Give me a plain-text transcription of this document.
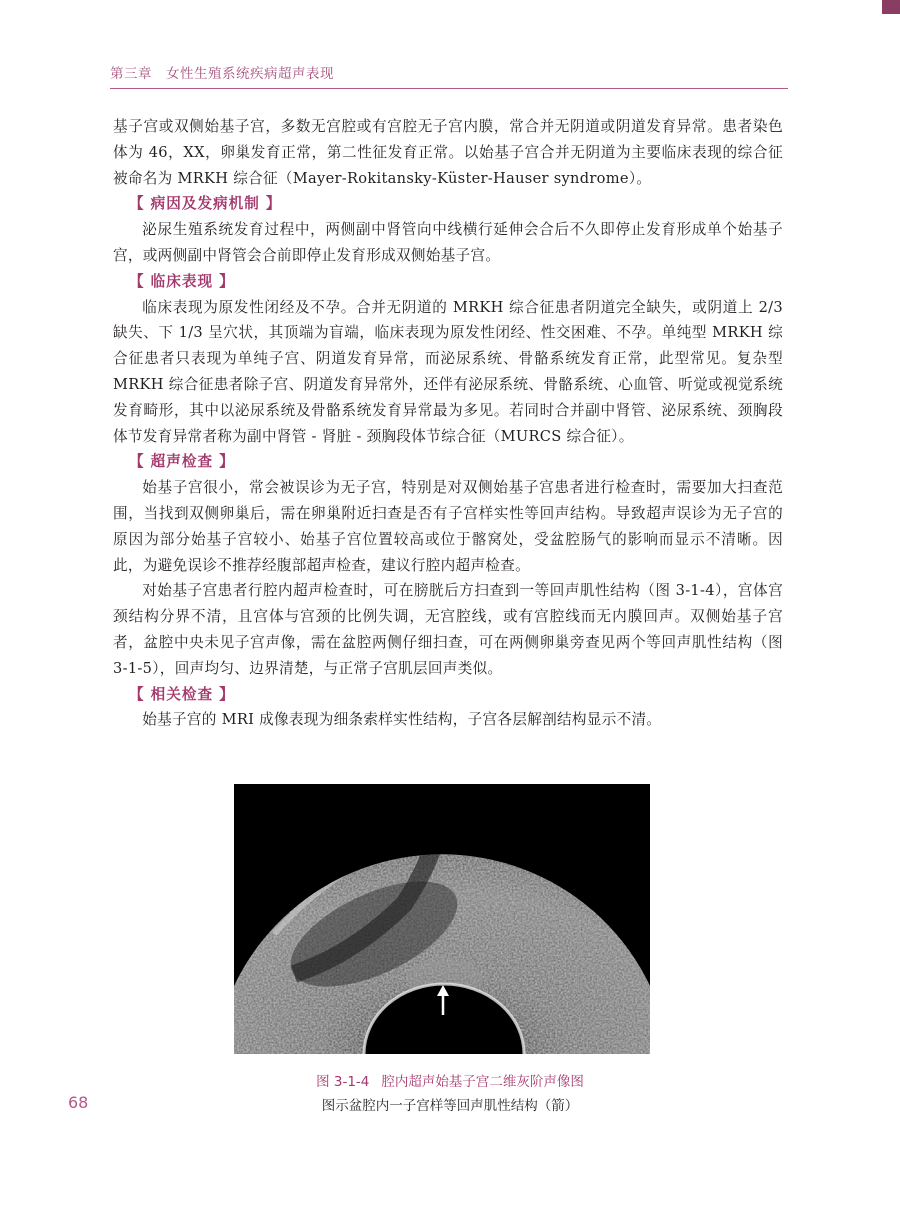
第三章 女性生殖系统疾病超声表现

基子宫或双侧始基子宫，多数无宫腔或有宫腔无子宫内膜，常合并无阴道或阴道发育异常。患者染色体为 46，XX，卵巢发育正常，第二性征发育正常。以始基子宫合并无阴道为主要临床表现的综合征被命名为 MRKH 综合征（Mayer-Rokitansky-Küster-Hauser syndrome）。

【 病因及发病机制 】

泌尿生殖系统发育过程中，两侧副中肾管向中线横行延伸会合后不久即停止发育形成单个始基子宫，或两侧副中肾管会合前即停止发育形成双侧始基子宫。

【 临床表现 】

临床表现为原发性闭经及不孕。合并无阴道的 MRKH 综合征患者阴道完全缺失，或阴道上 2/3 缺失、下 1/3 呈穴状，其顶端为盲端，临床表现为原发性闭经、性交困难、不孕。单纯型 MRKH 综合征患者只表现为单纯子宫、阴道发育异常，而泌尿系统、骨骼系统发育正常，此型常见。复杂型 MRKH 综合征患者除子宫、阴道发育异常外，还伴有泌尿系统、骨骼系统、心血管、听觉或视觉系统发育畸形，其中以泌尿系统及骨骼系统发育异常最为多见。若同时合并副中肾管、泌尿系统、颈胸段体节发育异常者称为副中肾管 - 肾脏 - 颈胸段体节综合征（MURCS 综合征）。

【 超声检查 】

始基子宫很小，常会被误诊为无子宫，特别是对双侧始基子宫患者进行检查时，需要加大扫查范围，当找到双侧卵巢后，需在卵巢附近扫查是否有子宫样实性等回声结构。导致超声误诊为无子宫的原因为部分始基子宫较小、始基子宫位置较高或位于髂窝处，受盆腔肠气的影响而显示不清晰。因此，为避免误诊不推荐经腹部超声检查，建议行腔内超声检查。

对始基子宫患者行腔内超声检查时，可在膀胱后方扫查到一等回声肌性结构（图 3-1-4），宫体宫颈结构分界不清，且宫体与宫颈的比例失调，无宫腔线，或有宫腔线而无内膜回声。双侧始基子宫者，盆腔中央未见子宫声像，需在盆腔两侧仔细扫查，可在两侧卵巢旁查见两个等回声肌性结构（图 3-1-5），回声均匀、边界清楚，与正常子宫肌层回声类似。

【 相关检查 】

始基子宫的 MRI 成像表现为细条索样实性结构，子宫各层解剖结构显示不清。

图 3-1-4 腔内超声始基子宫二维灰阶声像图
图示盆腔内一子宫样等回声肌性结构（箭）
68
